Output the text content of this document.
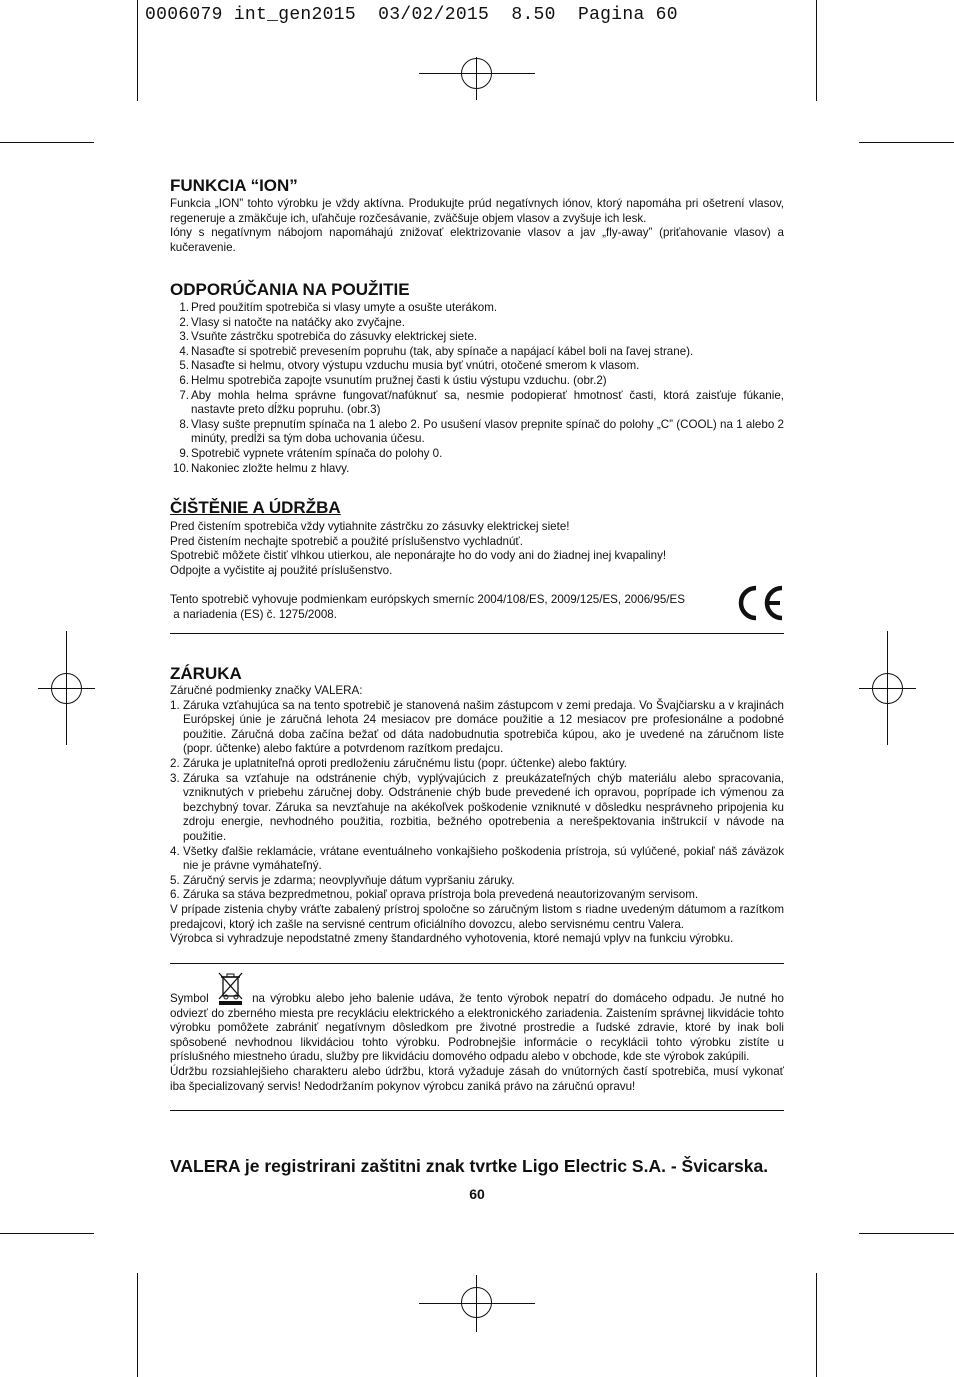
0006079 int_gen2015  03/02/2015  8.50  Pagina 60

FUNKCIA “ION”

Funkcia „ION” tohto výrobku je vždy aktívna. Produkujte prúd negatívnych iónov, ktorý napomáha pri ošetrení vlasov, regeneruje a zmäkčuje ich, uľahčuje rozčesávanie, zväčšuje objem vlasov a zvyšuje ich lesk.

Ióny s negatívnym nábojom napomáhajú znižovať elektrizovanie vlasov a jav „fly-away” (priťahovanie vlasov) a kučeravenie.

ODPORÚČANIA NA POUŽITIE

1. Pred použitím spotrebiča si vlasy umyte a osušte uterákom.
2. Vlasy si natočte na natáčky ako zvyčajne.
3. Vsuňte zástrčku spotrebiča do zásuvky elektrickej siete.
4. Nasaďte si spotrebič prevesením popruhu (tak, aby spínače a napájací kábel boli na ľavej strane).
5. Nasaďte si helmu, otvory výstupu vzduchu musia byť vnútri, otočené smerom k vlasom.
6. Helmu spotrebiča zapojte vsunutím pružnej časti k ústiu výstupu vzduchu. (obr.2)
7. Aby mohla helma správne fungovať/nafúknuť sa, nesmie podopierať hmotnosť časti, ktorá zaisťuje fúkanie, nastavte preto dĺžku popruhu. (obr.3)
8. Vlasy sušte prepnutím spínača na 1 alebo 2. Po usušení vlasov prepnite spínač do polohy „C” (COOL) na 1 alebo 2 minúty, predĺži sa tým doba uchovania účesu.
9. Spotrebič vypnete vrátením spínača do polohy 0.
10. Nakoniec zložte helmu z hlavy.

ČIŠTĚNIE A ÚDRŽBA

Pred čistením spotrebiča vždy vytiahnite zástrčku zo zásuvky elektrickej siete!

Pred čistením nechajte spotrebič a použité príslušenstvo vychladnúť.

Spotrebič môžete čistiť vlhkou utierkou, ale neponárajte ho do vody ani do žiadnej inej kvapaliny!

Odpojte a vyčistite aj použité príslušenstvo.

Tento spotrebič vyhovuje podmienkam európskych smerníc 2004/108/ES, 2009/125/ES, 2006/95/ES

a nariadenia (ES) č. 1275/2008.

ZÁRUKA

Záručné podmienky značky VALERA:

1. Záruka vzťahujúca sa na tento spotrebič je stanovená našim zástupcom v zemi predaja. Vo Švajčiarsku a v krajinách Európskej únie je záručná lehota 24 mesiacov pre domáce použitie a 12 mesiacov pre profesionálne a podobné použitie. Záručná doba začína bežať od dáta nadobudnutia spotrebiča kúpou, ako je uvedené na záručnom liste (popr. účtenke) alebo faktúre a potvrdenom razítkom predajcu.
2. Záruka je uplatniteľná oproti predloženiu záručnému listu (popr. účtenke) alebo faktúry.
3. Záruka sa vzťahuje na odstránenie chýb, vyplývajúcich z preukázateľných chýb materiálu alebo spracovania, vzniknutých v priebehu záručnej doby. Odstránenie chýb bude prevedené ich opravou, poprípade ich výmenou za bezchybný tovar. Záruka sa nevzťahuje na akékoľvek poškodenie vzniknuté v dôsledku nesprávneho pripojenia ku zdroju energie, nevhodného použitia, rozbitia, bežného opotrebenia a nerešpektovania inštrukcií v návode na použitie.
4. Všetky ďalšie reklamácie, vrátane eventuálneho vonkajšieho poškodenia prístroja, sú vylúčené, pokiaľ náš záväzok nie je právne vymáhateľný.
5. Záručný servis je zdarma; neovplyvňuje dátum vypršaniu záruky.
6. Záruka sa stáva bezpredmetnou, pokiaľ oprava prístroja bola prevedená neautorizovaným servisom.

V prípade zistenia chyby vráťte zabalený prístroj spoločne so záručným listom s riadne uvedeným dátumom a razítkom predajcovi, ktorý ich zašle na servisné centrum oficiálního dovozcu, alebo servisnému centru Valera.

Výrobca si vyhradzuje nepodstatné zmeny štandardného vyhotovenia, ktoré nemajú vplyv na funkciu výrobku.

Symbol	na výrobku alebo jeho balenie udáva, že tento výrobok nepatrí do domáceho odpadu. Je nutné ho odviezť do zberného miesta pre recykláciu elektrického a elektronického zariadenia. Zaistením správnej likvidácie tohto výrobku pomôžete zabrániť negatívnym dôsledkom pre životné prostredie a ľudské zdravie, ktoré by inak boli spôsobené nevhodnou likvidáciou tohto výrobku. Podrobnejšie informácie o recyklácii tohto výrobku zistíte u príslušného miestneho úradu, služby pre likvidáciu domového odpadu alebo v obchode, kde ste výrobok zakúpili.

Údržbu rozsiahlejšieho charakteru alebo údržbu, ktorá vyžaduje zásah do vnútorných častí spotrebiča, musí vykonať iba špecializovaný servis! Nedodržaním pokynov výrobcu zaniká právo na záručnú opravu!

VALERA je registrirani zaštitni znak tvrtke Ligo Electric S.A. - Švicarska.
60
